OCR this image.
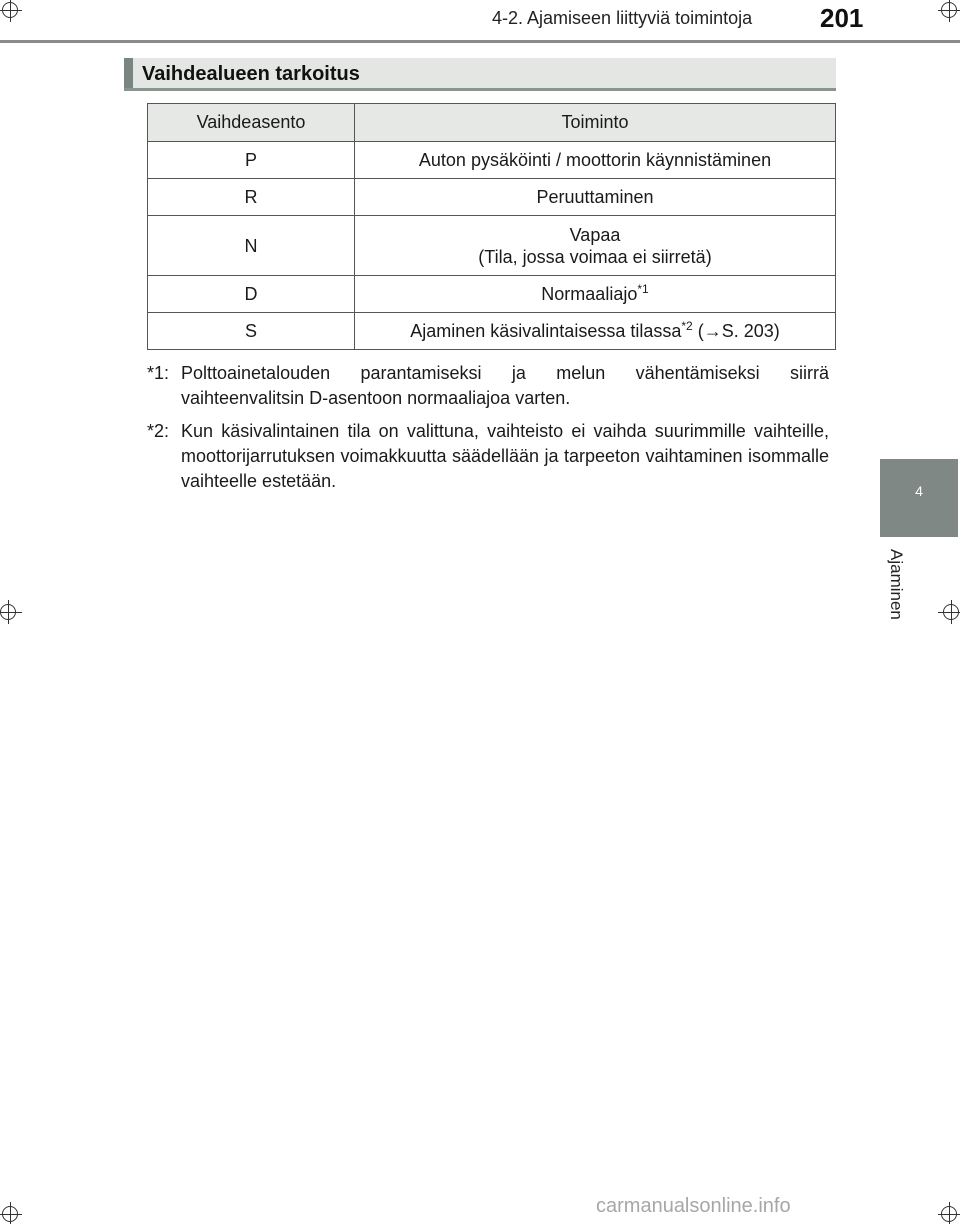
4-2. Ajamiseen liittyviä toimintoja	201
Vaihdealueen tarkoitus
Vaihdeasento	Toiminto
P	Auton pysäköinti / moottorin käynnistäminen
R	Peruuttaminen
N	Vapaa
(Tila, jossa voimaa ei siirretä)

D	Normaaliajo$^{*1}$
S	Ajaminen käsivalintaisessa tilassa$^{*2}$ (→S. 203)
*1: Polttoainetalouden parantamiseksi ja melun vähentämiseksi siirrä vaihteenvalitsin D-asentoon normaaliajoa varten.
*2: Kun käsivalintainen tila on valittuna, vaihteisto ei vaihda suurimmille vaihteille, moottorijarrutuksen voimakkuutta säädellään ja tarpeeton vaihtaminen isommalle vaihteelle estetään.	4
Ajaminen
carmanualsonline.info
